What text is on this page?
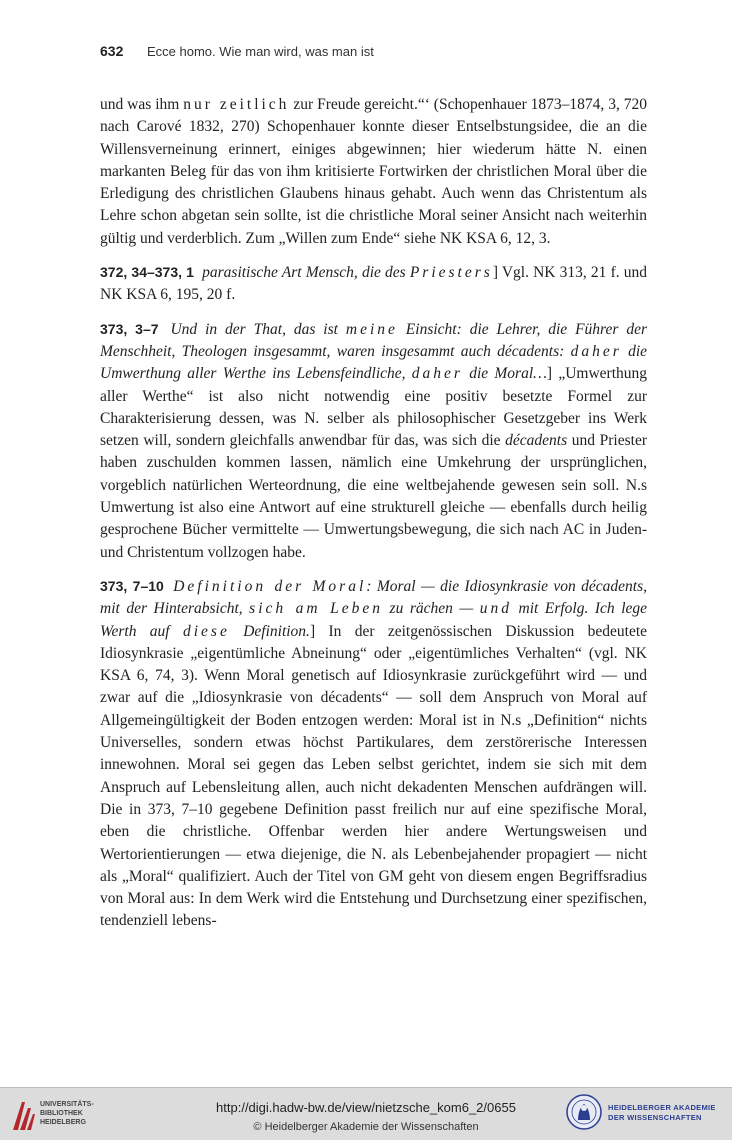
632 Ecce homo. Wie man wird, was man ist

und was ihm nur zeitlich zur Freude gereicht.“‘ (Schopenhauer 1873–1874, 3, 720 nach Carové 1832, 270) Schopenhauer konnte dieser Entselbstungsidee, die an die Willensverneinung erinnert, einiges abgewinnen; hier wiederum hätte N. einen markanten Beleg für das von ihm kritisierte Fortwirken der christlichen Moral über die Erledigung des christlichen Glaubens hinaus gehabt. Auch wenn das Christentum als Lehre schon abgetan sein sollte, ist die christliche Moral seiner Ansicht nach weiterhin gültig und verderblich. Zum „Willen zum Ende“ siehe NK KSA 6, 12, 3.

372, 34–373, 1 parasitische Art Mensch, die des Priesters] Vgl. NK 313, 21 f. und NK KSA 6, 195, 20 f.

373, 3–7 Und in der That, das ist meine Einsicht: die Lehrer, die Führer der Menschheit, Theologen insgesammt, waren insgesammt auch décadents: daher die Umwerthung aller Werthe ins Lebensfeindliche, daher die Moral…] „Umwerthung aller Werthe“ ist also nicht notwendig eine positiv besetzte Formel zur Charakterisierung dessen, was N. selber als philosophischer Gesetzgeber ins Werk setzen will, sondern gleichfalls anwendbar für das, was sich die décadents und Priester haben zuschulden kommen lassen, nämlich eine Umkehrung der ursprünglichen, vorgeblich natürlichen Werteordnung, die eine weltbejahende gewesen sein soll. N.s Umwertung ist also eine Antwort auf eine strukturell gleiche — ebenfalls durch heilig gesprochene Bücher vermittelte — Umwertungsbewegung, die sich nach AC in Juden- und Christentum vollzogen habe.

373, 7–10 Definition der Moral: Moral — die Idiosynkrasie von décadents, mit der Hinterabsicht, sich am Leben zu rächen — und mit Erfolg. Ich lege Werth auf diese Definition.] In der zeitgenössischen Diskussion bedeutete Idiosynkrasie „eigentümliche Abneinung“ oder „eigentümliches Verhalten“ (vgl. NK KSA 6, 74, 3). Wenn Moral genetisch auf Idiosynkrasie zurückgeführt wird — und zwar auf die „Idiosynkrasie von décadents“ — soll dem Anspruch von Moral auf Allgemeingültigkeit der Boden entzogen werden: Moral ist in N.s „Definition“ nichts Universelles, sondern etwas höchst Partikulares, dem zerstörerische Interessen innewohnen. Moral sei gegen das Leben selbst gerichtet, indem sie sich mit dem Anspruch auf Lebensleitung allen, auch nicht dekadenten Menschen aufdrängen will. Die in 373, 7–10 gegebene Definition passt freilich nur auf eine spezifische Moral, eben die christliche. Offenbar werden hier andere Wertungsweisen und Wertorientierungen — etwa diejenige, die N. als Lebenbejahender propagiert — nicht als „Moral“ qualifiziert. Auch der Titel von GM geht von diesem engen Begriffsradius von Moral aus: In dem Werk wird die Entstehung und Durchsetzung einer spezifischen, tendenziell lebens-

UNIVERSITÄTS-
BIBLIOTHEK
HEIDELBERG
http://digi.hadw-bw.de/view/nietzsche_kom6_2/0655
© Heidelberger Akademie der Wissenschaften
HEIDELBERGER AKADEMIE
DER WISSENSCHAFTEN
